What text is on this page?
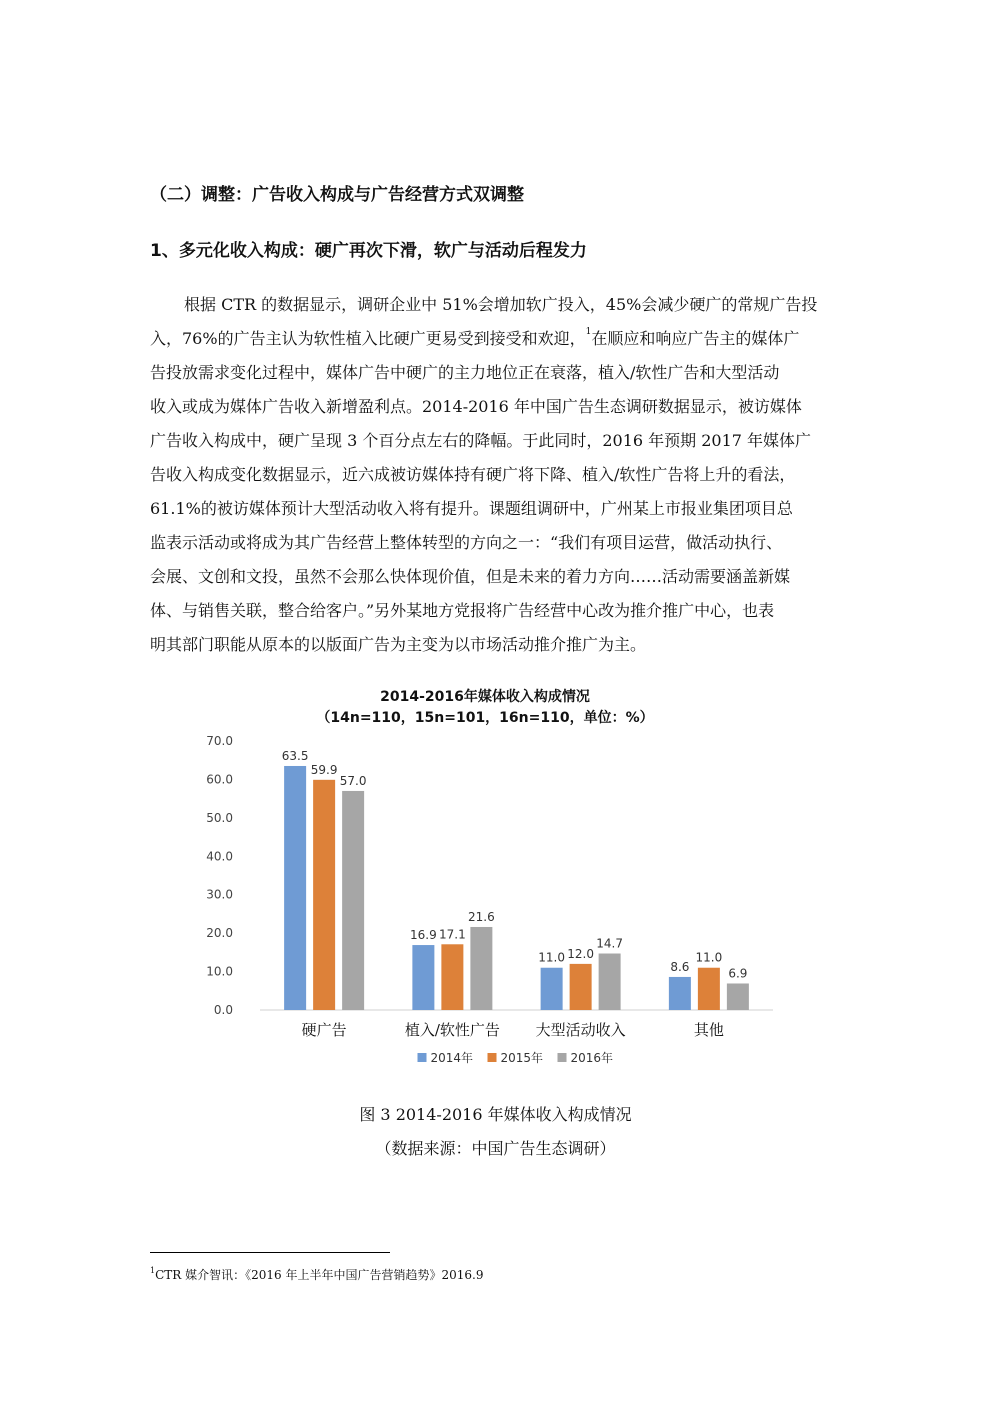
（二）调整：广告收入构成与广告经营方式双调整
1、多元化收入构成：硬广再次下滑，软广与活动后程发力
根据 CTR 的数据显示，调研企业中 51%会增加软广投入，45%会减少硬广的常规广告投
入，76%的广告主认为软性植入比硬广更易受到接受和欢迎，$^1$在顺应和响应广告主的媒体广
告投放需求变化过程中，媒体广告中硬广的主力地位正在衰落，植入/软性广告和大型活动
收入或成为媒体广告收入新增盈利点。2014-2016 年中国广告生态调研数据显示，被访媒体
广告收入构成中，硬广呈现 3 个百分点左右的降幅。于此同时，2016 年预期 2017 年媒体广
告收入构成变化数据显示，近六成被访媒体持有硬广将下降、植入/软性广告将上升的看法，
61.1%的被访媒体预计大型活动收入将有提升。课题组调研中，广州某上市报业集团项目总
监表示活动或将成为其广告经营上整体转型的方向之一：“我们有项目运营，做活动执行、
会展、文创和文投，虽然不会那么快体现价值，但是未来的着力方向……活动需要涵盖新媒
体、与销售关联，整合给客户。”另外某地方党报将广告经营中心改为推介推广中心，也表
明其部门职能从原本的以版面广告为主变为以市场活动推介推广为主。
2014-2016年媒体收入构成情况
（14n=110，15n=101，16n=110，单位：%）
0.0
10.0
20.0
30.0
40.0
50.0
60.0
70.0
63.5
59.9
57.0
硬广告
16.9 17.1
21.6
植入/软性广告
11.0 12.0
14.7
大型活动收入
8.6
11.0
6.9
其他
2014年 2015年 2016年
图 3 2014-2016 年媒体收入构成情况
（数据来源：中国广告生态调研）
$^1$CTR 媒介智讯：《2016 年上半年中国广告营销趋势》2016.9
